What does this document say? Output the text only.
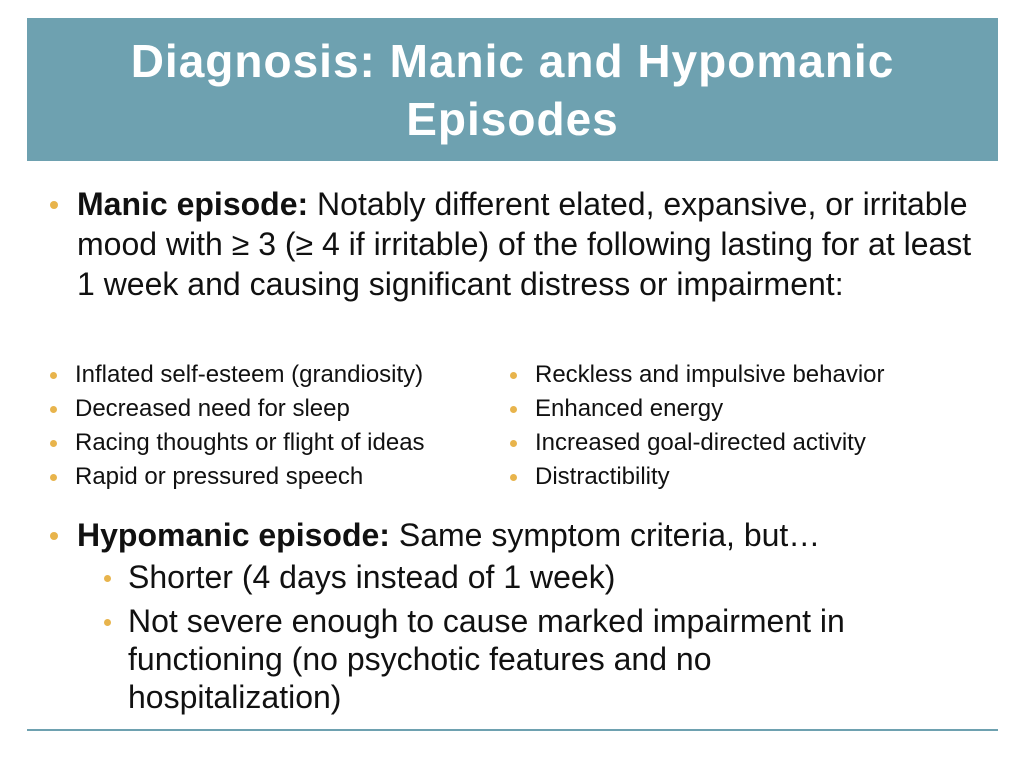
Diagnosis: Manic and Hypomanic Episodes
Manic episode: Notably different elated, expansive, or irritable mood with ≥ 3 (≥ 4 if irritable) of the following lasting for at least 1 week and causing significant distress or impairment:
Inflated self-esteem (grandiosity)
Decreased need for sleep
Racing thoughts or flight of ideas
Rapid or pressured speech
Reckless and impulsive behavior
Enhanced energy
Increased goal-directed activity
Distractibility
Hypomanic episode: Same symptom criteria, but…
Shorter (4 days instead of 1 week)
Not severe enough to cause marked impairment in functioning (no psychotic features and no hospitalization)
